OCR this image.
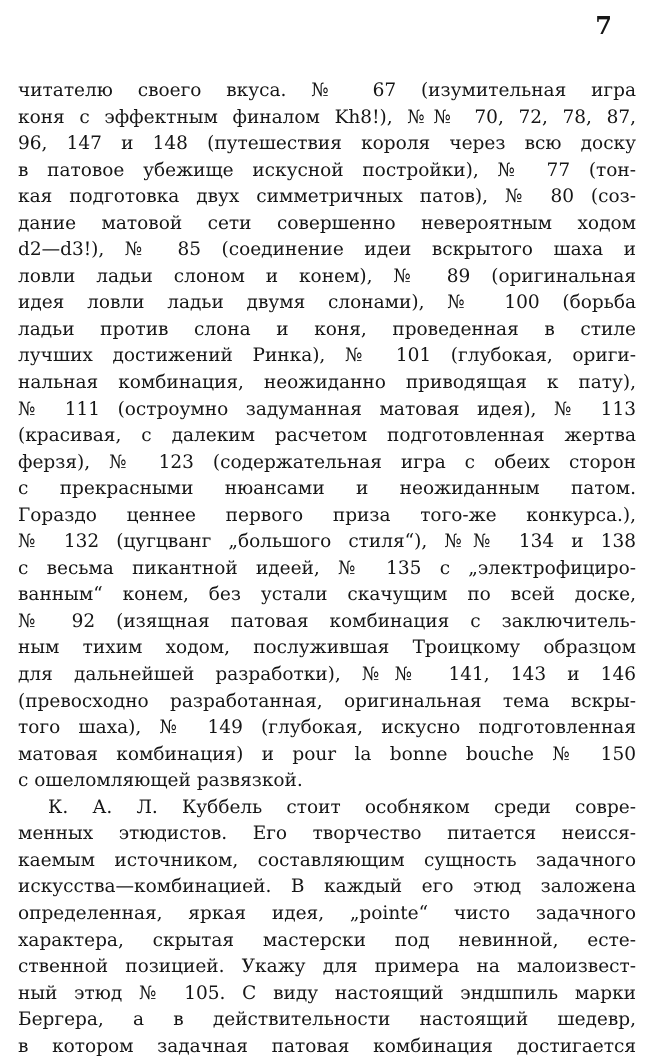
7
читателю своего вкуса. № 67 (изумительная игра
коня с эффектным финалом Kh8!), №№ 70, 72, 78, 87,
96, 147 и 148 (путешествия короля через всю доску
в патовое убежище искусной постройки), № 77 (тон-
кая подготовка двух симметричных патов), № 80 (соз-
дание матовой сети совершенно невероятным ходом
d2—d3!), № 85 (соединение идеи вскрытого шаха и
ловли ладьи слоном и конем), № 89 (оригинальная
идея ловли ладьи двумя слонами), № 100 (борьба
ладьи против слона и коня, проведенная в стиле
лучших достижений Ринка), № 101 (глубокая, ориги-
нальная комбинация, неожиданно приводящая к пату),
№ 111 (остроумно задуманная матовая идея), № 113
(красивая, с далеким расчетом подготовленная жертва
ферзя), № 123 (содержательная игра с обеих сторон
с прекрасными нюансами и неожиданным патом.
Гораздо ценнее первого приза того-же конкурса.),
№ 132 (цугцванг „большого стиля“), №№ 134 и 138
с весьма пикантной идеей, № 135 с „электрофициро-
ванным“ конем, без устали скачущим по всей доске,
№ 92 (изящная патовая комбинация с заключитель-
ным тихим ходом, послужившая Троицкому образцом
для дальнейшей разработки), №№ 141, 143 и 146
(превосходно разработанная, оригинальная тема вскры-
того шаха), № 149 (глубокая, искусно подготовленная
матовая комбинация) и pour la bonne bouche № 150
с ошеломляющей развязкой.
К. А. Л. Куббель стоит особняком среди совре-
менных этюдистов. Его творчество питается неисся-
каемым источником, составляющим сущность задачного
искусства—комбинацией. В каждый его этюд заложена
определенная, яркая идея, „pointe“ чисто задачного
характера, скрытая мастерски под невинной, есте-
ственной позицией. Укажу для примера на малоизвест-
ный этюд № 105. С виду настоящий эндшпиль марки
Бергера, а в действительности настоящий шедевр,
в котором задачная патовая комбинация достигается
